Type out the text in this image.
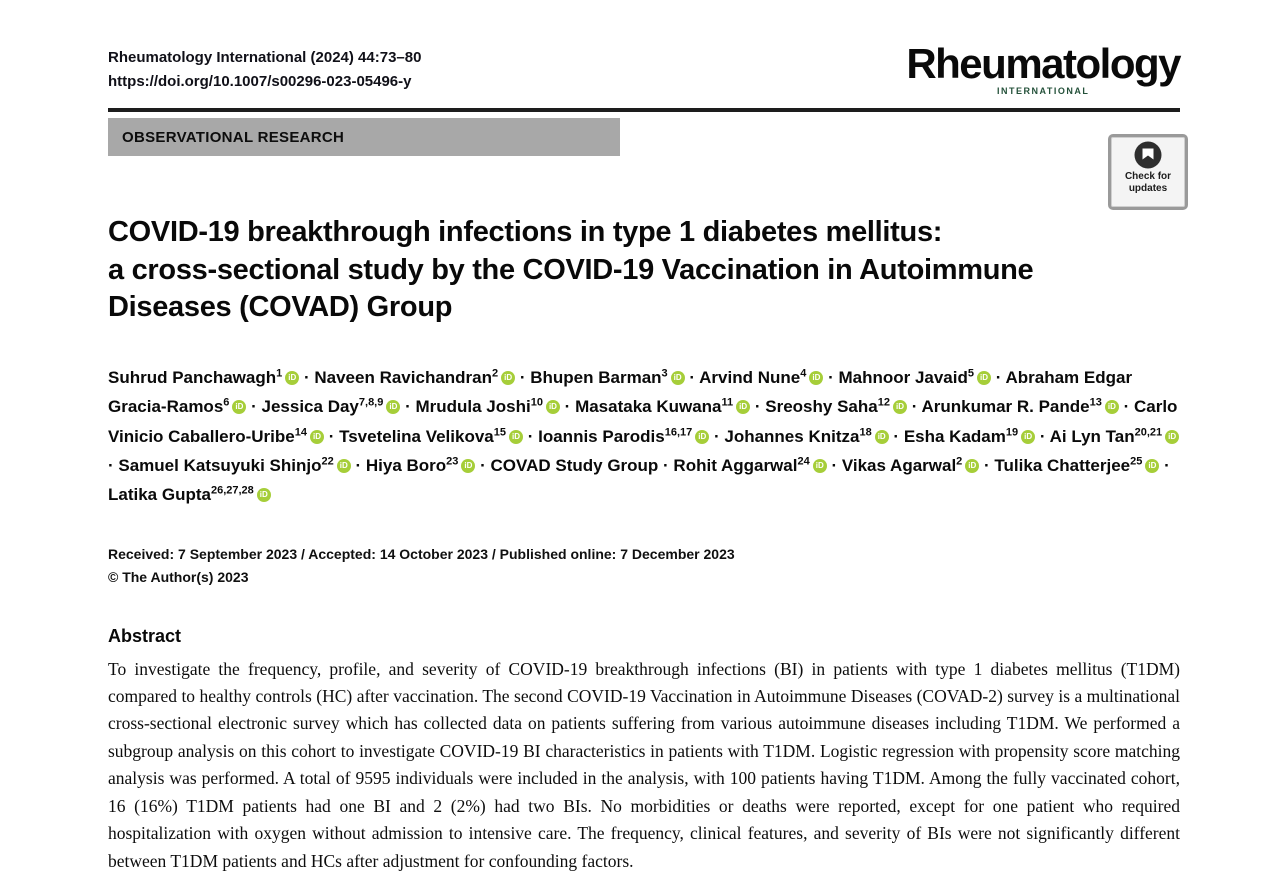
Rheumatology International (2024) 44:73–80
https://doi.org/10.1007/s00296-023-05496-y	Rheumatology
INTERNATIONAL
OBSERVATIONAL RESEARCH
COVID-19 breakthrough infections in type 1 diabetes mellitus:
a cross-sectional study by the COVID-19 Vaccination in Autoimmune
Diseases (COVAD) Group
Suhrud Panchawagh$^1$ iD · Naveen Ravichandran$^2$ iD · Bhupen Barman$^3$ iD · Arvind Nune$^4$ iD · Mahnoor Javaid$^5$ iD · Abraham Edgar Gracia-Ramos$^6$ iD · Jessica Day$^{7,8,9}$ iD · Mrudula Joshi$^{10}$ iD · Masataka Kuwana$^{11}$ iD · Sreoshy Saha$^{12}$ iD · Arunkumar R. Pande$^{13}$ iD · Carlo Vinicio Caballero-Uribe$^{14}$ iD · Tsvetelina Velikova$^{15}$ iD · Ioannis Parodis$^{16,17}$ iD · Johannes Knitza$^{18}$ iD · Esha Kadam$^{19}$ iD · Ai Lyn Tan$^{20,21}$ iD · Samuel Katsuyuki Shinjo$^{22}$ iD · Hiya Boro$^{23}$ iD · COVAD Study Group · Rohit Aggarwal$^{24}$ iD · Vikas Agarwal$^2$ iD · Tulika Chatterjee$^{25}$ iD · Latika Gupta$^{26,27,28}$ iD
Received: 7 September 2023 / Accepted: 14 October 2023 / Published online: 7 December 2023
© The Author(s) 2023
Abstract
To investigate the frequency, profile, and severity of COVID-19 breakthrough infections (BI) in patients with type 1 diabetes mellitus (T1DM) compared to healthy controls (HC) after vaccination. The second COVID-19 Vaccination in Autoimmune Diseases (COVAD-2) survey is a multinational cross-sectional electronic survey which has collected data on patients suffering from various autoimmune diseases including T1DM. We performed a subgroup analysis on this cohort to investigate COVID-19 BI characteristics in patients with T1DM. Logistic regression with propensity score matching analysis was performed. A total of 9595 individuals were included in the analysis, with 100 patients having T1DM. Among the fully vaccinated cohort, 16 (16%) T1DM patients had one BI and 2 (2%) had two BIs. No morbidities or deaths were reported, except for one patient who required hospitalization with oxygen without admission to intensive care. The frequency, clinical features, and severity of BIs were not significantly different between T1DM patients and HCs after adjustment for confounding factors.
Check for
updates
